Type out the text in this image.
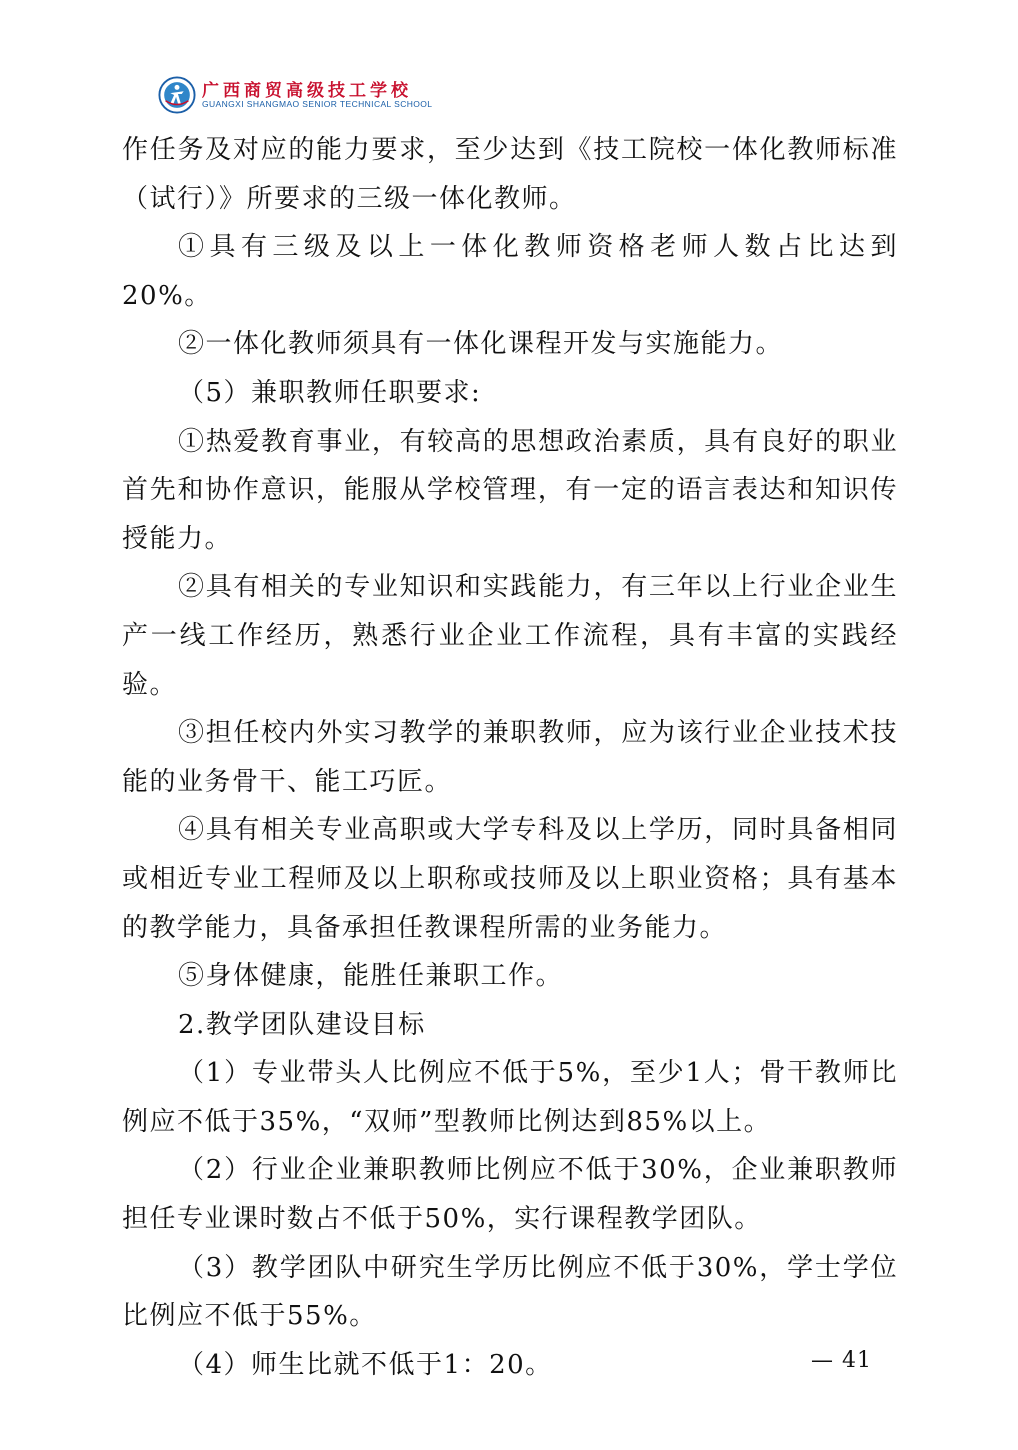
广西商贸高级技工学校
GUANGXI SHANGMAO SENIOR TECHNICAL SCHOOL

作任务及对应的能力要求，至少达到《技工院校一体化教师标准（试行）》所要求的三级一体化教师。

①具有三级及以上一体化教师资格老师人数占比达到20%。

②一体化教师须具有一体化课程开发与实施能力。

（5）兼职教师任职要求:

①热爱教育事业，有较高的思想政治素质，具有良好的职业首先和协作意识，能服从学校管理，有一定的语言表达和知识传授能力。

②具有相关的专业知识和实践能力，有三年以上行业企业生产一线工作经历，熟悉行业企业工作流程，具有丰富的实践经验。

③担任校内外实习教学的兼职教师，应为该行业企业技术技能的业务骨干、能工巧匠。

④具有相关专业高职或大学专科及以上学历，同时具备相同或相近专业工程师及以上职称或技师及以上职业资格；具有基本的教学能力，具备承担任教课程所需的业务能力。

⑤身体健康，能胜任兼职工作。

2.教学团队建设目标

（1）专业带头人比例应不低于5%，至少1人；骨干教师比例应不低于35%，“双师”型教师比例达到85%以上。

（2）行业企业兼职教师比例应不低于30%，企业兼职教师担任专业课时数占不低于50%，实行课程教学团队。

（3）教学团队中研究生学历比例应不低于30%，学士学位比例应不低于55%。

（4）师生比就不低于1：20。	— 41
